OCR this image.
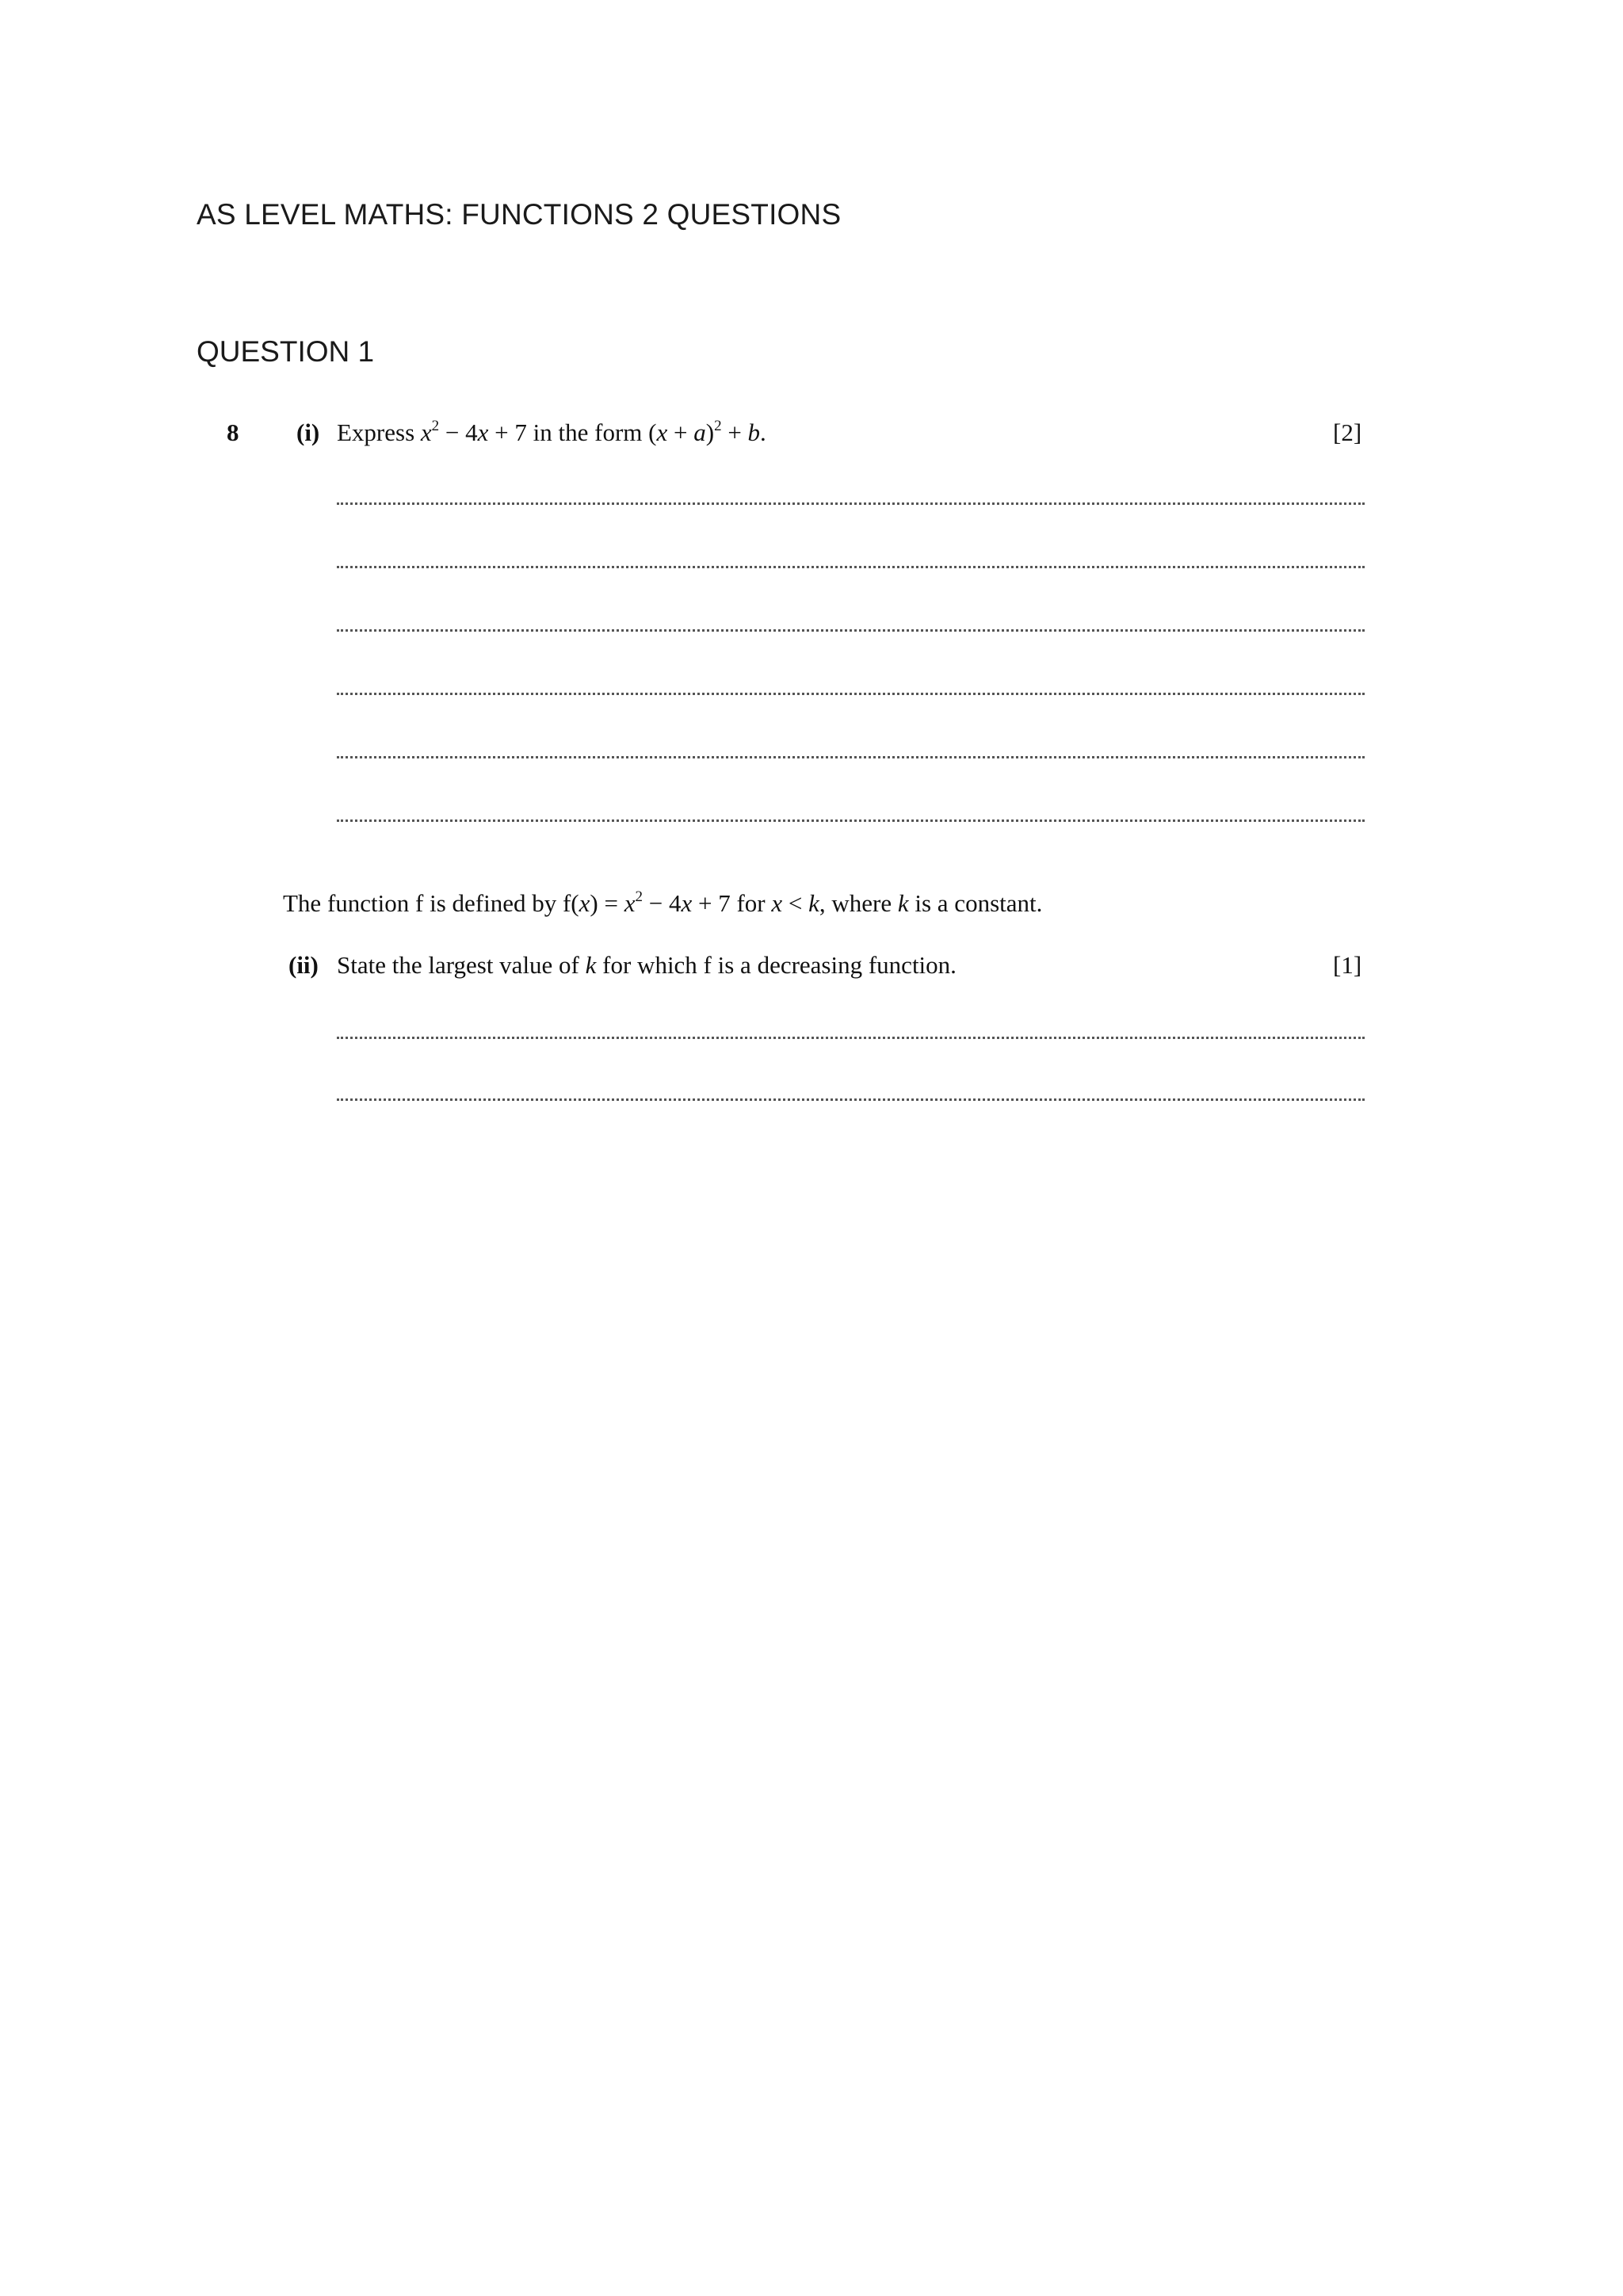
AS LEVEL MATHS: FUNCTIONS 2 QUESTIONS
QUESTION 1
8 (i) Express $x^2 - 4x + 7$ in the form $(x + a)^2 + b$.	[2]
The function f is defined by $f(x) = x^2 - 4x + 7$ for x < k, where k is a constant.
(ii) State the largest value of k for which f is a decreasing function.	[1]
